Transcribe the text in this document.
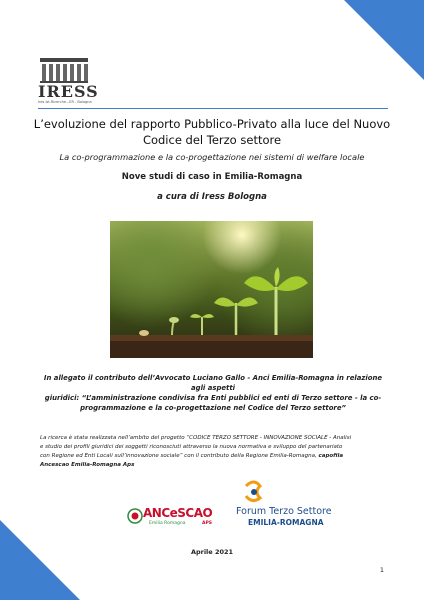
IRESS
Ires Ist.Ricerche...ER - Bologna
L’evoluzione del rapporto Pubblico-Privato alla luce del Nuovo
Codice del Terzo settore
La co-programmazione e la co-progettazione nei sistemi di welfare locale
Nove studi di caso in Emilia-Romagna
a cura di Iress Bologna
In allegato il contributo dell’Avvocato Luciano Gallo - Anci Emilia-Romagna in relazione agli aspetti
giuridici: “L’amministrazione condivisa fra Enti pubblici ed enti di Terzo settore - la co-
programmazione e la co-progettazione nel Codice del Terzo settore”
La ricerca è stata realizzata nell’ambito del progetto “CODICE TERZO SETTORE - INNOVAZIONE SOCIALE - Analisi
e studio dei profili giuridici dei soggetti riconosciuti attraverso la nuova normativa e sviluppo del partenariato
con Regione ed Enti Locali sull’innovazione sociale” con il contributo della Regione Emilia-Romagna, capofila
Ancescao Emilia-Romagna Aps
ANCeSCAO
Emilia Romagna	APS
Forum Terzo Settore
EMILIA-ROMAGNA
Aprile 2021
1
